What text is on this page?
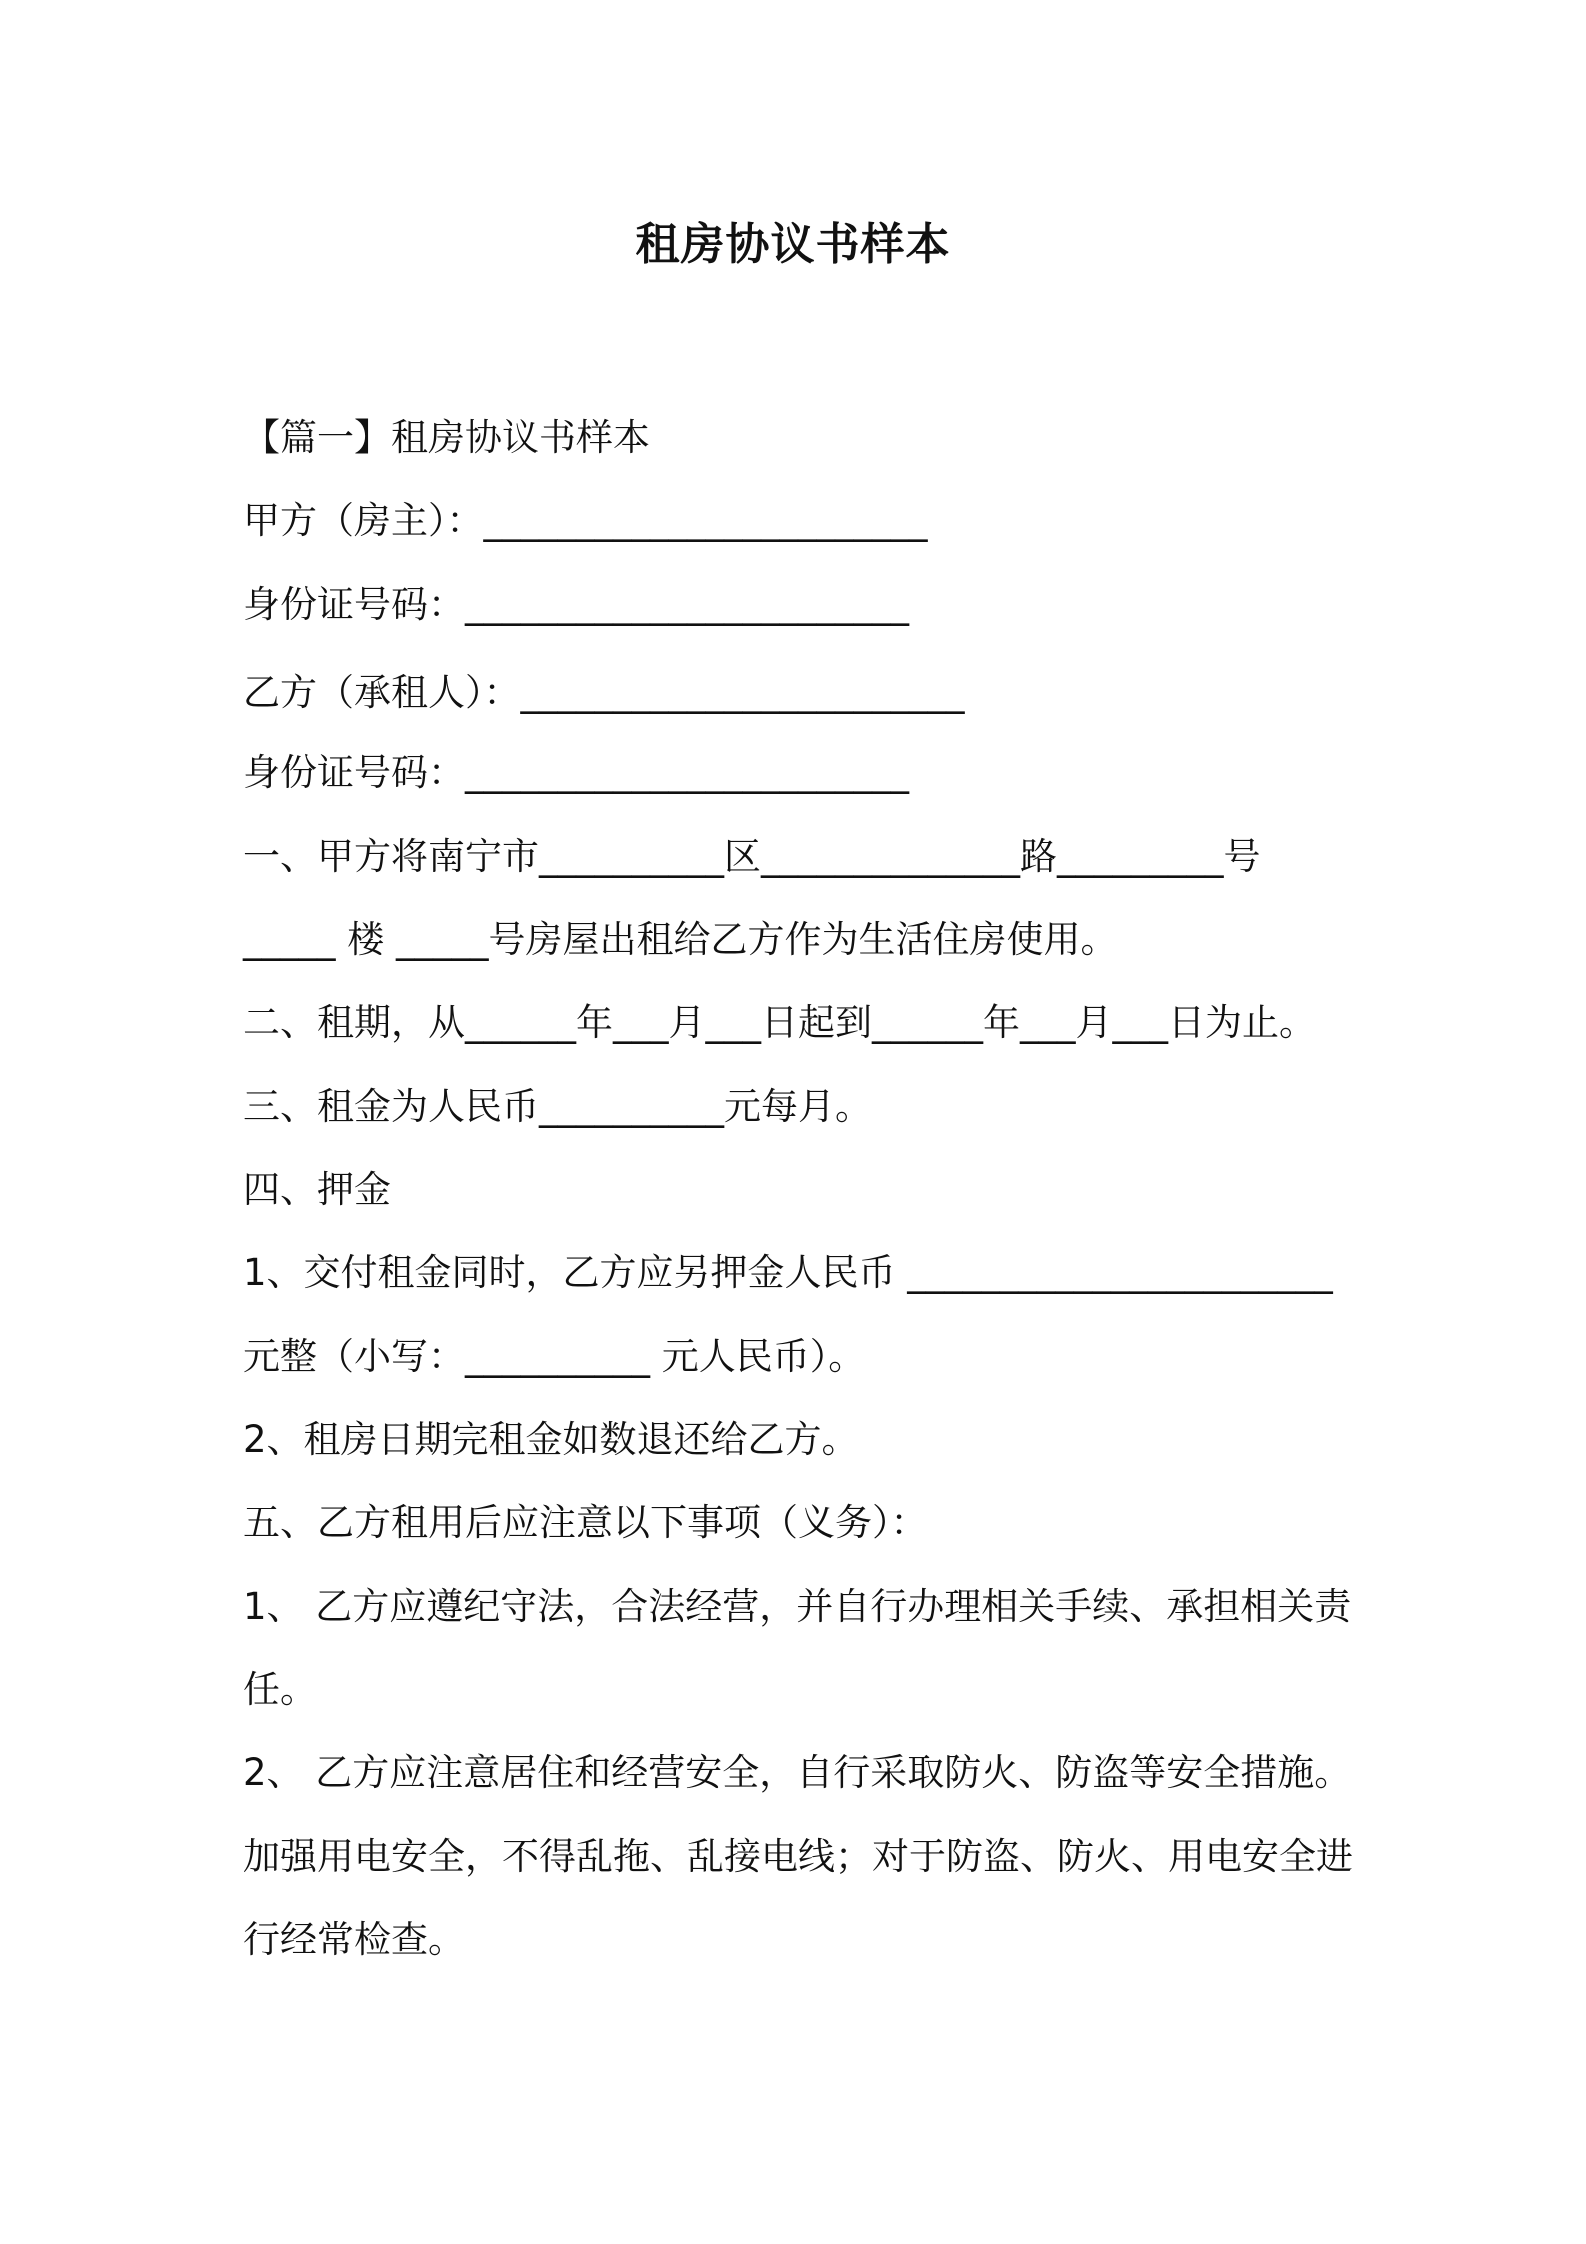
租房协议书样本
【篇一】租房协议书样本
甲方（房主）：________________________
身份证号码：________________________
乙方（承租人）：________________________
身份证号码：________________________
一、甲方将南宁市__________区______________路_________号
_____ 楼 _____号房屋出租给乙方作为生活住房使用。
二、租期，从______年___月___日起到______年___月___日为止。
三、租金为人民币__________元每月。
四、押金
1、交付租金同时，乙方应另押金人民币 _______________________
元整（小写：__________ 元人民币）。
2、租房日期完租金如数退还给乙方。
五、乙方租用后应注意以下事项（义务）：
1、 乙方应遵纪守法，合法经营，并自行办理相关手续、承担相关责
任。
2、 乙方应注意居住和经营安全，自行采取防火、防盗等安全措施。
加强用电安全，不得乱拖、乱接电线；对于防盗、防火、用电安全进
行经常检查。
